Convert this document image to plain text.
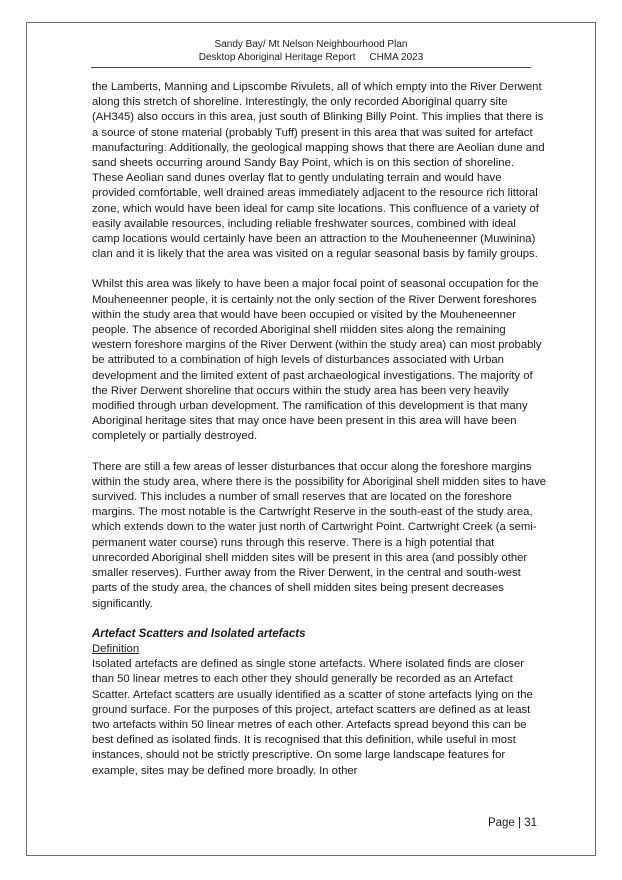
Sandy Bay/ Mt Nelson Neighbourhood Plan
Desktop Aboriginal Heritage Report     CHMA 2023

the Lamberts, Manning and Lipscombe Rivulets, all of which empty into the River Derwent along this stretch of shoreline. Interestingly, the only recorded Aboriginal quarry site (AH345) also occurs in this area, just south of Blinking Billy Point. This implies that there is a source of stone material (probably Tuff) present in this area that was suited for artefact manufacturing. Additionally, the geological mapping shows that there are Aeolian dune and sand sheets occurring around Sandy Bay Point, which is on this section of shoreline. These Aeolian sand dunes overlay flat to gently undulating terrain and would have provided comfortable, well drained areas immediately adjacent to the resource rich littoral zone, which would have been ideal for camp site locations. This confluence of a variety of easily available resources, including reliable freshwater sources, combined with ideal camp locations would certainly have been an attraction to the Mouheneenner (Muwinina) clan and it is likely that the area was visited on a regular seasonal basis by family groups.

Whilst this area was likely to have been a major focal point of seasonal occupation for the Mouheneenner people, it is certainly not the only section of the River Derwent foreshores within the study area that would have been occupied or visited by the Mouheneenner people. The absence of recorded Aboriginal shell midden sites along the remaining western foreshore margins of the River Derwent (within the study area) can most probably be attributed to a combination of high levels of disturbances associated with Urban development and the limited extent of past archaeological investigations. The majority of the River Derwent shoreline that occurs within the study area has been very heavily modified through urban development. The ramification of this development is that many Aboriginal heritage sites that may once have been present in this area will have been completely or partially destroyed.

There are still a few areas of lesser disturbances that occur along the foreshore margins within the study area, where there is the possibility for Aboriginal shell midden sites to have survived. This includes a number of small reserves that are located on the foreshore margins. The most notable is the Cartwright Reserve in the south-east of the study area, which extends down to the water just north of Cartwright Point. Cartwright Creek (a semi-permanent water course) runs through this reserve. There is a high potential that unrecorded Aboriginal shell midden sites will be present in this area (and possibly other smaller reserves). Further away from the River Derwent, in the central and south-west parts of the study area, the chances of shell midden sites being present decreases significantly.

Artefact Scatters and Isolated artefacts
Definition

Isolated artefacts are defined as single stone artefacts. Where isolated finds are closer than 50 linear metres to each other they should generally be recorded as an Artefact Scatter. Artefact scatters are usually identified as a scatter of stone artefacts lying on the ground surface. For the purposes of this project, artefact scatters are defined as at least two artefacts within 50 linear metres of each other. Artefacts spread beyond this can be best defined as isolated finds. It is recognised that this definition, while useful in most instances, should not be strictly prescriptive. On some large landscape features for example, sites may be defined more broadly. In other

Page | 31
